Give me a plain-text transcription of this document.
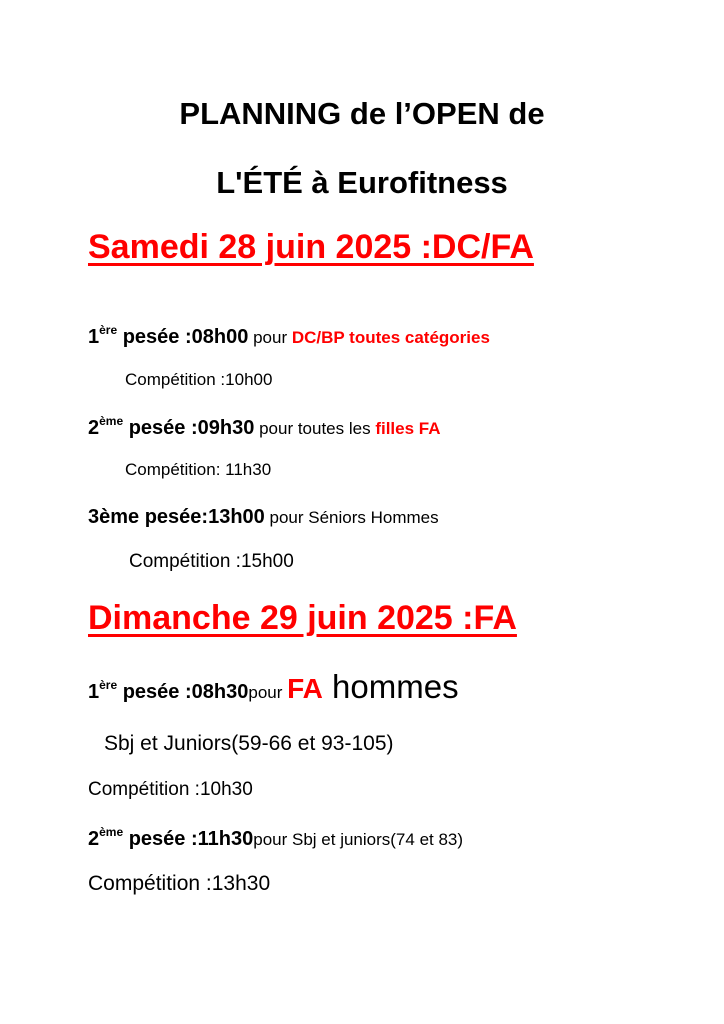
PLANNING de l’OPEN de
L'ÉTÉ à Eurofitness
Samedi 28 juin 2025 :DC/FA
1ère pesée :08h00 pour DC/BP toutes catégories
Compétition :10h00
2ème pesée :09h30 pour toutes les filles FA
Compétition: 11h30
3ème pesée:13h00 pour Séniors Hommes
Compétition :15h00
Dimanche 29 juin 2025 :FA
1ère pesée :08h30pour FA hommes
Sbj et Juniors(59-66 et 93-105)
Compétition :10h30
2ème pesée :11h30pour Sbj et juniors(74 et 83)
Compétition :13h30
